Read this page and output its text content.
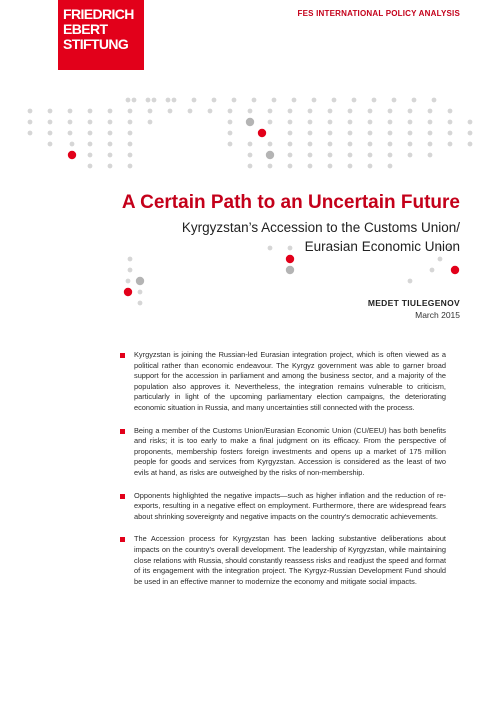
FRIEDRICH
EBERT
STIFTUNG
FES INTERNATIONAL POLICY ANALYSIS
A Certain Path to an Uncertain Future
Kyrgyzstan’s Accession to the Customs Union/
Eurasian Economic Union
MEDET TIULEGENOV
March 2015
Kyrgyzstan is joining the Russian-led Eurasian integration project, which is often viewed as a political rather than economic endeavour. The Kyrgyz government was able to garner broad support for the accession in parliament and among the business sector, and a majority of the population also approves it. Nevertheless, the integration remains vulnerable to criticism, particularly in light of the upcoming parliamentary election campaigns, the deteriorating economic situation in Russia, and many uncertainties still connected with the process.
Being a member of the Customs Union/Eurasian Economic Union (CU/EEU) has both benefits and risks; it is too early to make a final judgment on its efficacy. From the perspective of proponents, membership fosters foreign investments and opens up a market of 175 million people for goods and services from Kyrgyzstan. Accession is considered as the least of two evils at hand, as risks are outweighed by the risks of non-membership.
Opponents highlighted the negative impacts—such as higher inflation and the reduction of re-exports, resulting in a negative effect on employment. Furthermore, there are widespread fears about shrinking sovereignty and negative impacts on the country’s democratic achievements.
The Accession process for Kyrgyzstan has been lacking substantive deliberations about impacts on the country’s overall development. The leadership of Kyrgyzstan, while maintaining close relations with Russia, should constantly reassess risks and readjust the speed and format of its engagement with the integration project. The Kyrgyz-Russian Development Fund should be used in an effective manner to modernize the economy and mitigate social impacts.
